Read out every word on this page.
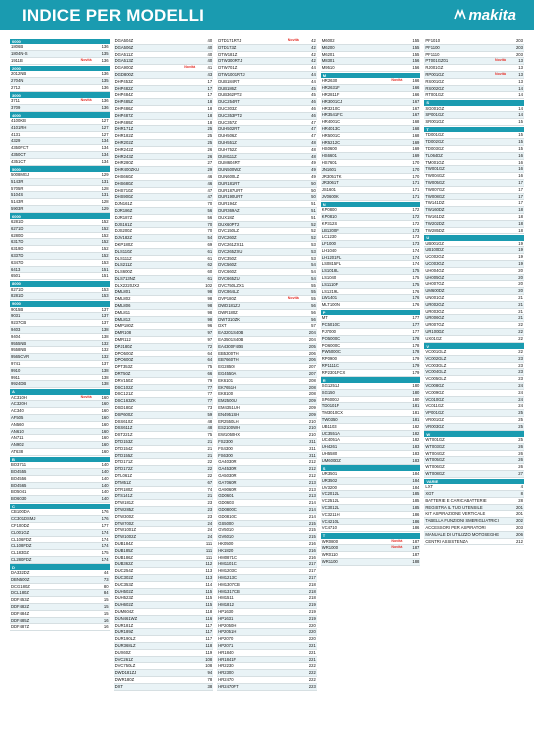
INDICE PER MODELLI	makita
0000
1806B	136
1804N-S	135
1911B	Novità	136
2000
2012NB	136
2704N	135
2712	136
3000
3711	Novità	136
3709	136
4000
4100KB	127
4101RH	127
4131	127
4329	134
4350FCT	134
4350CT	134
4351CT	134
5000
5008MGJ	129
5143R	131
5705R	128
5104S	131
5143R	128
5903R	129
6000
6281D	152
6271D	152
6280D	152
6317D	152
6319D	152
6337D	152
6347D	153
6413	151
6501	151
8000
8271D	153
8281D	153
9000
9015B	137
9031	137
9237CB	137
9403	138
9404	138
9555NB	132
9558NB	132
9565CVR	132
9741	137
9910	138
9911	138
9924DB	138
A
AC310H	Novità	160
AC320H	160
AC340	160
AF505	160
AN560	160
AN610	160
AN711	160
AN902	160
AT638	160
B
BO3711	140
BO4555	140
BO4556	140
BO4565	140
BO5041	140
BO6030	140
C
CB100DA	176
CC301DSMJ	176
CF100DZ	177
CL001GZ	174
CL106FDZ	174
CL108FDZ	174
CL183DZ	175
CL280FDZ	174
D
DA332DZ	44
DBN500Z	73
DCG180Z	80
DCL180Z	84
DDF453Z	15
DDF482Z	15
DDF484Z	15
DDF485Z	16
DDF487Z	16
DGA504Z	40
DGA506Z	40
DGA511Z	40
DGA513Z	40
DGA900Z	Novità	41
DGD800Z	43
DHP453Z	17
DHP482Z	17
DHP484Z	17
DHP485Z	18
DHP486Z	18
DHP487Z	18
DHP489Z	18
DHR171Z	25
DHR182Z	25
DHR202Z	25
DHR242Z	26
DHR243Z	26
DHR280Z	27
DHR400ZKU	29
DHS660Z	46
DHS680Z	46
DHS710Z	47
DHS900Z	47
DJN161Z	70
DJR186Z	56
DJR187Z	56
DJS161Z	70
DJS200Z	70
DJV182Z	54
DKP180Z	69
DLS110Z	61
DLS111Z	61
DLS211Z	62
DLS600Z	60
DLS713NZ	61
DLX2220JX2	102
DML801	98
DML802	98
DML806	98
DML811	98
DML812	98
DMP180Z	96
DMR108	97
DMR112	97
DPJ180Z	72
DPO500Z	64
DPO600Z	64
DPT353Z	75
DRT50Z	66
DRV150Z	79
DSC102Z	77
DSC121Z	77
DSC163ZK	77
DSD180Z	73
DSP600Z	59
DSS610Z	48
DSS611Z	48
DST221Z	75
DTD153Z	21
DTD154Z	21
DTD155Z	21
DTD171Z	22
DTD172Z	22
DTL061Z	22
DTM51Z	67
DTR180Z	74
DTS141Z	21
DTW181Z	23
DTW285Z	23
DTW300Z	23
DTW700Z	24
DTW1001Z	24
DTW1002Z	24
DUB184Z	111
DUB185Z	111
DUB186Z	111
DUB362Z	112
DUC254Z	113
DUC302Z	113
DUC353Z	114
DUH502Z	115
DUH523Z	115
DUH602Z	115
DUM604Z	118
DUN461WZ	116
DUR181Z	117
DUR189Z	117
DUR190LZ	117
DUR368LZ	118
DUX60Z	119
DVC261Z	108
DVC750LZ	108
DWD181ZJ	94
DWR180Z	78
DXT	38
DTD171RTJ	Novità	42
DTD173Z	42
DTW181Z	42
DTW300RTJ	42
DTW701Z	44
DTW1001RTJ	44
DUB184RT	44
DUB186Z	45
DUB362PT2	45
DUC254RT	46
DUC303Z	46
DUC353PT2	46
DUC357Z	47
DUH502RT	47
DUH506Z	47
DUH551Z	48
DUH752Z	48
DUM111Z	48
DUM604RT	49
DUN500WZ	49
DUN600LZ	49
DUR181RT	50
DUR187URT	50
DUR190URT	50
DUR194Z	51
DUR369AZ	51
DUX18Z	51
DUX60PT2	52
DVC150LZ	52
DVC260Z	52
DVC261ZX11	53
DVC265ZXU	53
DVC350Z	53
DVC560Z	54
DVC660Z	54
DVC665ZU	54
DVC750LZX1	55
DVC864LZ	55
DVP180Z	Novità	55
DWD181ZJ	56
DWR180Z	56
DWT310ZK	56
DXT	57
EA3201S40B	204
EA3501S40B	204
EA4300F40B	205
EB5300TH	206
EB7660TH	206
EG2850I	207
EG4550A	207
EK6101	208
EK7651H	208
EK8100	208
EM2500U	209
EM4351UH	209
EN4951SH	209
ER2550LH	210
ES2100WH	210
EW1050HX	210
FS2300	211
FS4300	211
FS6300	211
GA4030R	212
GA4530R	212
GA5030R	212
GA7060R	213
GA9060R	213
GD0601	213
GD0603	214
GD0800C	214
GD0810C	214
GS5000	215
GV5010	215
GV6010	215
HK0500	216
HK1820	216
HM0871C	216
HM1101C	217
HM1203C	217
HM1213C	217
HM1307CB	218
HM1317CB	218
HM1511	218
HM1812	219
HP1630	219
HP1631	219
HP2050H	220
HP2051H	220
HP2070	220
HP2071	221
HR1840	221
HR1841F	221
HR2230	222
HR2300	222
HR2470	222
HR2470FT	223
M6002	155
M6200	155
M6201	155
M8301	156
M9510	156
M
HR2630	Novità	166
HR2631F	166
HR2811F	166
HR3001CJ	167
HR3210C	167
HR3541FC	167
HR4001C	168
HR4013C	168
HR5001C	168
HR5212C	169
HS0600	169
HS6601	169
HS7601	170
JN1601	170
JR3051TK	170
JR3061T	171
JS1601	171
JV0600K	171
N
KP0800	172
KP0810	172
KP312S	172
LB1200F	173
LC1230	173
LF1000	173
LH1040	174
LH1201FL	174
LS0815FL	174
LS1018L	175
LS1040	175
LS1110F	175
LS1219L	176
LW1401	176
MLT100N	176
P
MT	177
PC5010C	177
PJ7000	177
PO5000C	178
PO6000C	178
PW5000C	178
RP0900	179
RP1111C	179
RP2301FCX	179
R
SG1251J	180
SG150	180
SP6000J	180
TD0101F	181
TM3010CX	181
TW0350	181
UB1103	182
UC3551A	182
UC4051A	182
UH4261	183
UH5580	183
UM600DZ	183
S
UR3501	184
UR3502	184
UV3200	184
VC2012L	185
VC2512L	185
VC3012L	185
VC3211H	186
VC4210L	186
VC4710	186
T
WR0800	Novità	187
WR1000	Novità	187
WR0110	187
WR1100	188
PF1010	203
PF1100	203
PF1110	203
PT001GZ01	Novità	13
RJ001GZ	13
RP001GZ	Novità	13
RS001GZ	13
RS002GZ	14
RT001GZ	14
S
SG001GZ	14
SP001GZ	14
SR001GZ	15
T
TD001GZ	15
TD002GZ	15
TD003GZ	15
TL064DZ	16
TM001GZ	16
TW001GZ	16
TW004GZ	16
TW005GZ	17
TW007GZ	17
TW008GZ	17
TW141DZ	17
TW160DZ	18
TW161DZ	18
TW202DZ	18
TW285DZ	18
U
UB001GZ	19
UB100DZ	19
UC002GZ	19
UC003GZ	19
UH004GZ	20
UH005GZ	20
UH007GZ	20
UM600DZ	20
UN001GZ	21
UR002GZ	21
UR003GZ	21
UR006GZ	21
UR007GZ	22
UR100DZ	22
UX01GZ	22
V
VC001GLZ	22
VC002GLZ	23
VC003GLZ	23
VC004GLZ	23
VC005GLZ	23
VC008GZ	24
VC009GZ	24
VC010GZ	24
VC011GZ	24
VP001GZ	25
VR001GZ	25
VR003GZ	25
W
WT001GZ	25
WT003GZ	26
WT004GZ	26
WT005GZ	26
WT006GZ	26
WT008GZ	27
VARIE
LXT	4
XGT	8
BATTERIE E CARICABATTERIE	28
REGISTRA IL TUO UTENSILE	201
KIT ASPIRAZIONE VERTICALE	201
TABELLA FUNZIONI SMERIGLIATRICI	202
ACCESSORI PER ASPIRATORI	203
MANUALE DI UTILIZZO MOTOSEGHE	206
CENTRI ASSISTENZA	212
